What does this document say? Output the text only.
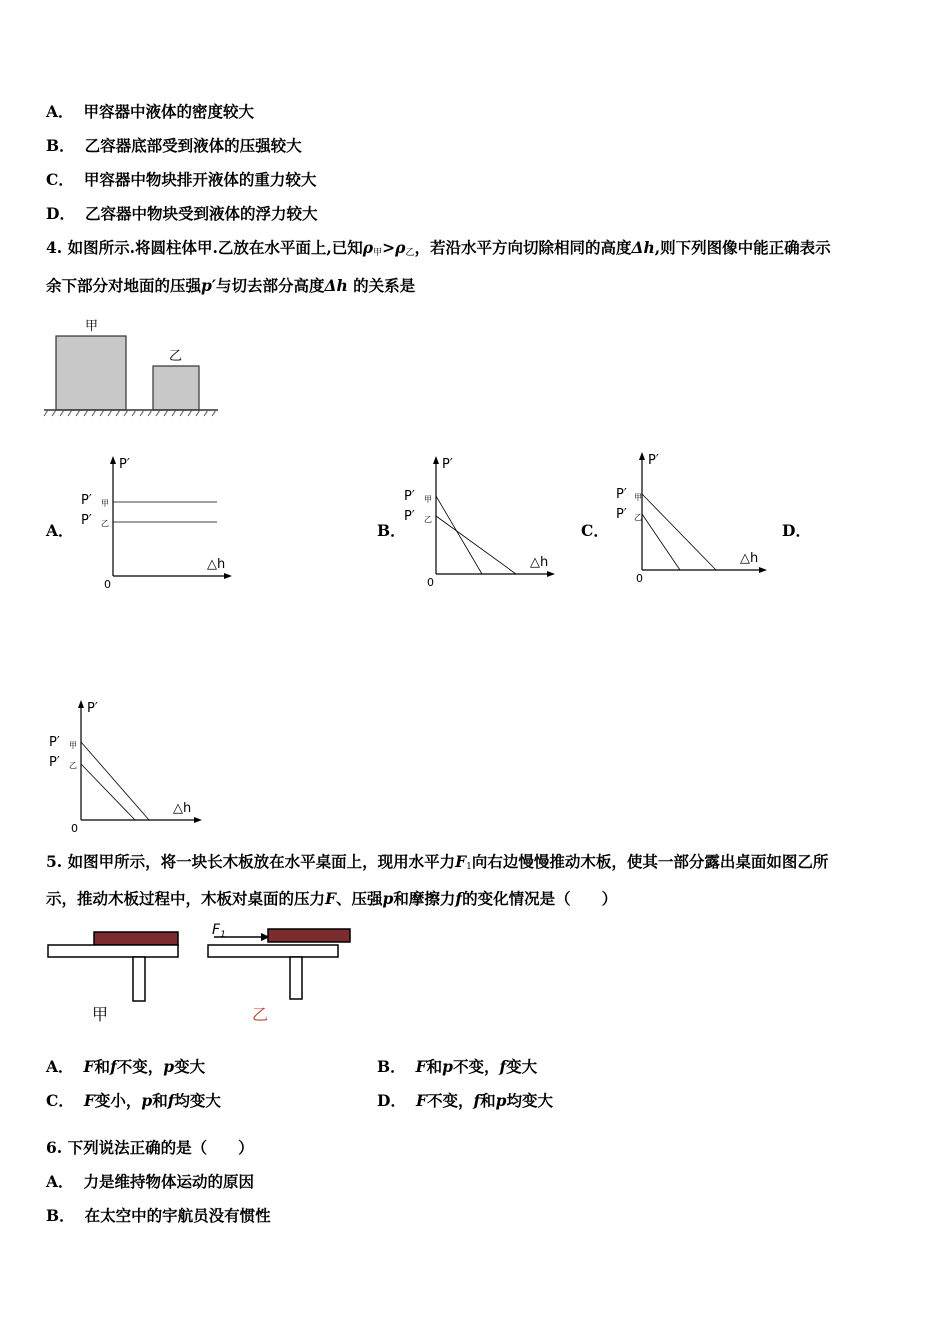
A． 甲容器中液体的密度较大
B． 乙容器底部受到液体的压强较大
C． 甲容器中物块排开液体的重力较大
D． 乙容器中物块受到液体的浮力较大
4. 如图所示.将圆柱体甲.乙放在水平面上,已知$\rho_甲>\rho_乙$，若沿水平方向切除相同的高度Δh,则下列图像中能正确表示
余下部分对地面的压强p′与切去部分高度Δh 的关系是
甲
乙
A．	B．	C．	D．
P′
P′ 甲
P′ 乙
△h
0
P′
P′ 甲
P′ 乙
△h
0
P′
P′ 甲
P′ 乙
△h
0
P′
P′ 甲
P′ 乙
△h
0
5. 如图甲所示，将一块长木板放在水平桌面上，现用水平力$F_1$向右边慢慢推动木板，使其一部分露出桌面如图乙所
示，推动木板过程中，木板对桌面的压力F、压强p和摩擦力f的变化情况是（　　）
甲
$F_1$
乙
A． F和f不变，p变大	B． F和p不变，f变大
C． F变小，p和f均变大	D． F不变，f和p均变大
6. 下列说法正确的是（　　）
A． 力是维持物体运动的原因
B． 在太空中的宇航员没有惯性
